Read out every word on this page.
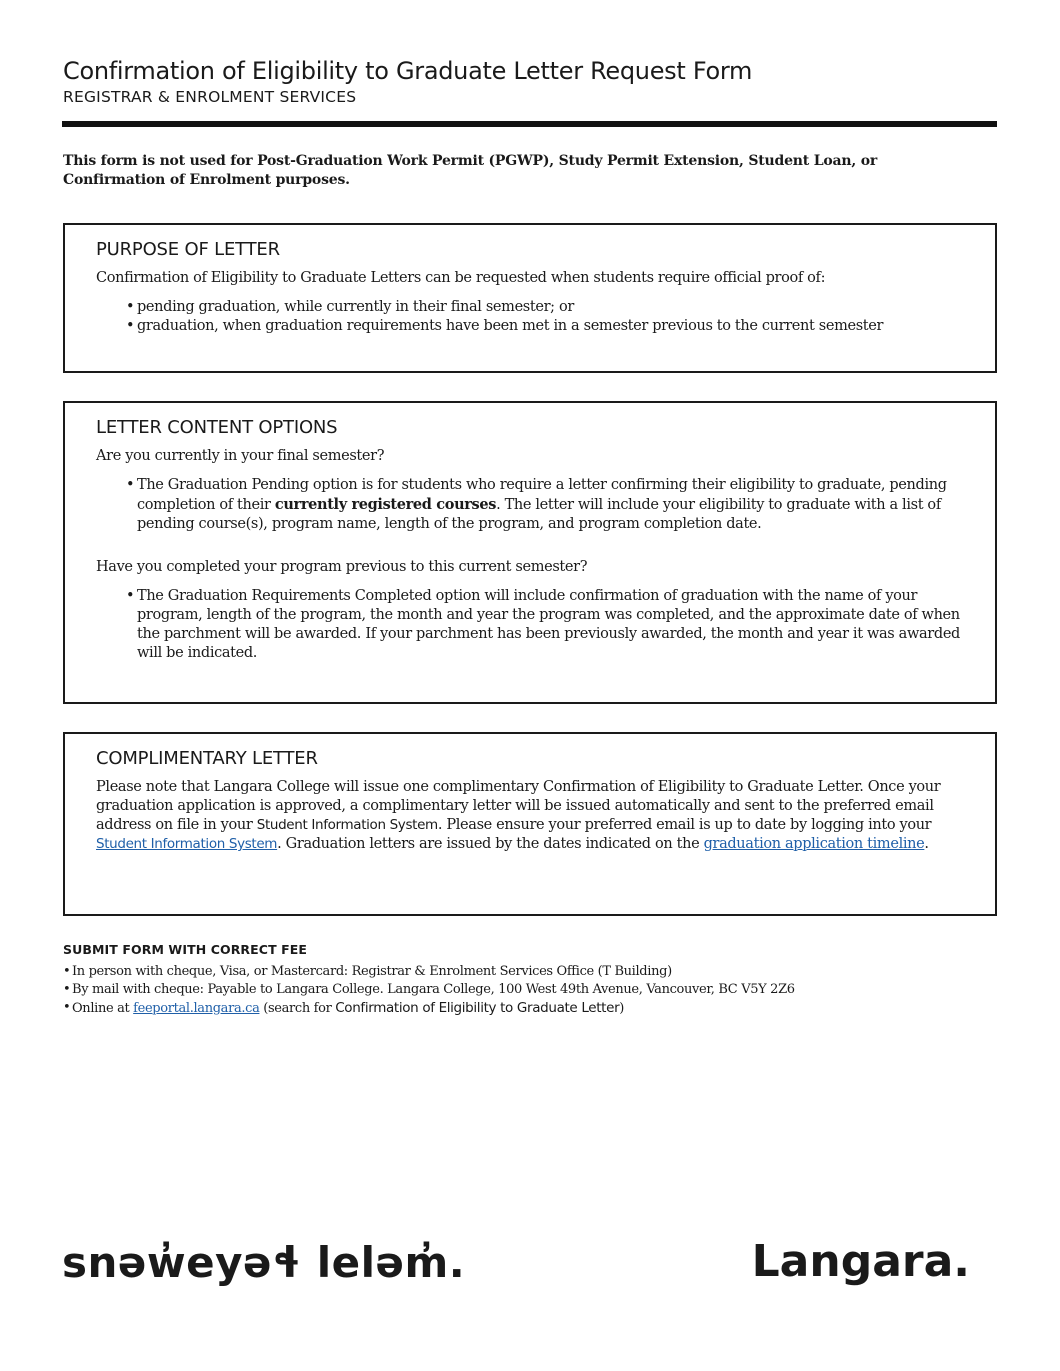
Confirmation of Eligibility to Graduate Letter Request Form
REGISTRAR & ENROLMENT SERVICES
This form is not used for Post-Graduation Work Permit (PGWP), Study Permit Extension, Student Loan, or Confirmation of Enrolment purposes.
PURPOSE OF LETTER

Confirmation of Eligibility to Graduate Letters can be requested when students require official proof of:

• pending graduation, while currently in their final semester; or
• graduation, when graduation requirements have been met in a semester previous to the current semester
LETTER CONTENT OPTIONS

Are you currently in your final semester?

• The Graduation Pending option is for students who require a letter confirming their eligibility to graduate, pending completion of their currently registered courses. The letter will include your eligibility to graduate with a list of pending course(s), program name, length of the program, and program completion date.

Have you completed your program previous to this current semester?

• The Graduation Requirements Completed option will include confirmation of graduation with the name of your program, length of the program, the month and year the program was completed, and the approximate date of when the parchment will be awarded. If your parchment has been previously awarded, the month and year it was awarded will be indicated.
COMPLIMENTARY LETTER

Please note that Langara College will issue one complimentary Confirmation of Eligibility to Graduate Letter. Once your graduation application is approved, a complimentary letter will be issued automatically and sent to the preferred email address on file in your Student Information System. Please ensure your preferred email is up to date by logging into your Student Information System. Graduation letters are issued by the dates indicated on the graduation application timeline.

SUBMIT FORM WITH CORRECT FEE
• In person with cheque, Visa, or Mastercard: Registrar & Enrolment Services Office (T Building)
• By mail with cheque: Payable to Langara College. Langara College, 100 West 49th Avenue, Vancouver, BC V5Y 2Z6
• Online at feeportal.langara.ca (search for Confirmation of Eligibility to Graduate Letter)
snəw̓eyəɬ leləm̓.	Langara.
